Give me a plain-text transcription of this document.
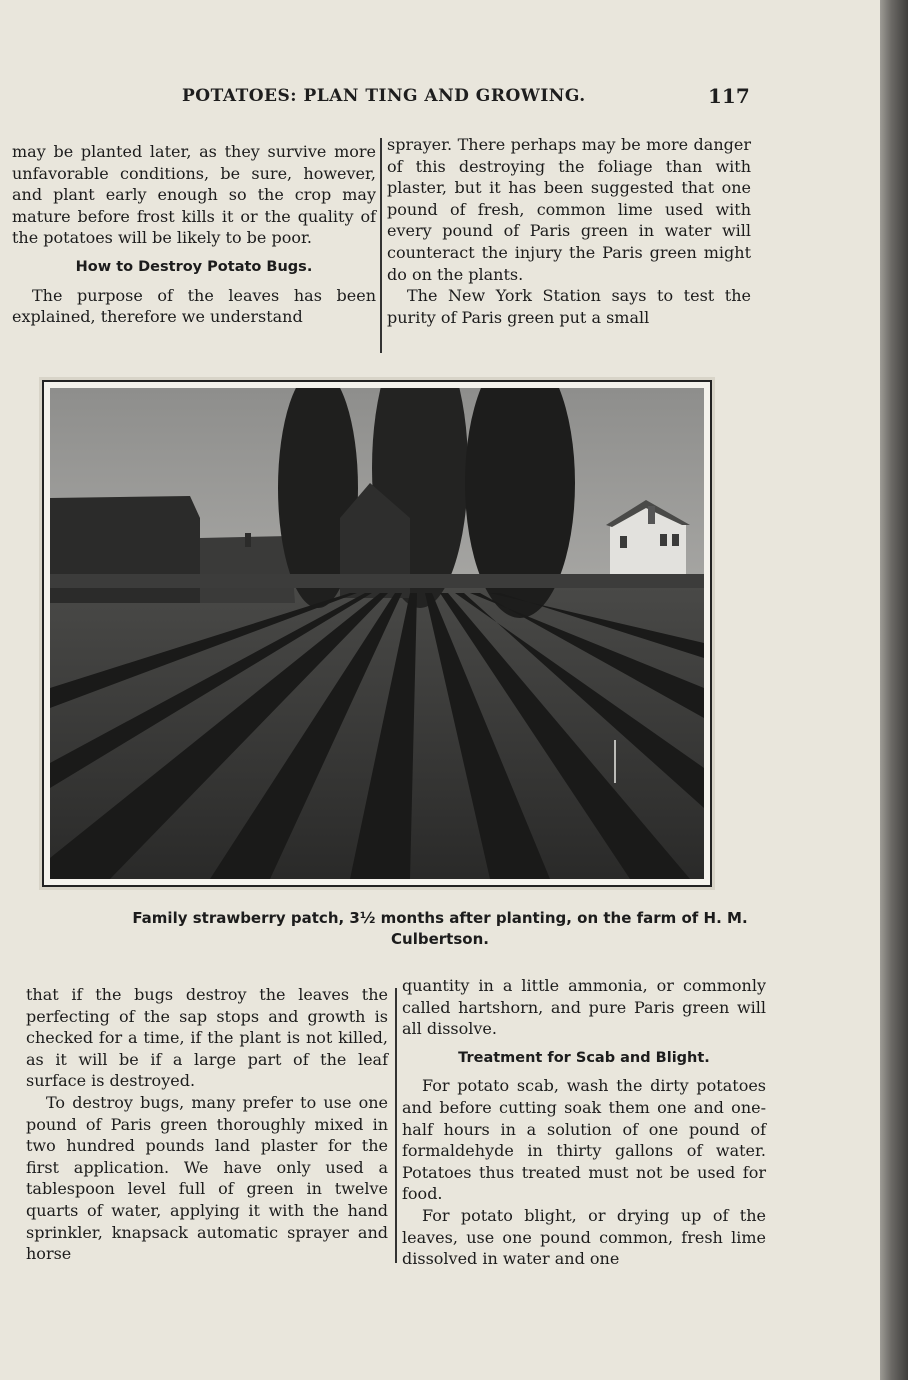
POTATOES: PLAN TING AND GROWING.	117

may be planted later, as they survive more unfavorable conditions, be sure, however, and plant early enough so the crop may mature before frost kills it or the quality of the potatoes will be likely to be poor.

How to Destroy Potato Bugs.

The purpose of the leaves has been explained, therefore we understand

sprayer. There perhaps may be more danger of this destroying the foliage than with plaster, but it has been suggested that one pound of fresh, common lime used with every pound of Paris green in water will counteract the injury the Paris green might do on the plants.

The New York Station says to test the purity of Paris green put a small

Family strawberry patch, 3½ months after planting, on the farm of H. M.
Culbertson.

that if the bugs destroy the leaves the perfecting of the sap stops and growth is checked for a time, if the plant is not killed, as it will be if a large part of the leaf surface is destroyed.

To destroy bugs, many prefer to use one pound of Paris green thoroughly mixed in two hundred pounds land plaster for the first application. We have only used a tablespoon level full of green in twelve quarts of water, applying it with the hand sprinkler, knapsack automatic sprayer and horse

quantity in a little ammonia, or commonly called hartshorn, and pure Paris green will all dissolve.

Treatment for Scab and Blight.

For potato scab, wash the dirty potatoes and before cutting soak them one and one-half hours in a solution of one pound of formaldehyde in thirty gallons of water. Potatoes thus treated must not be used for food.

For potato blight, or drying up of the leaves, use one pound common, fresh lime dissolved in water and one
